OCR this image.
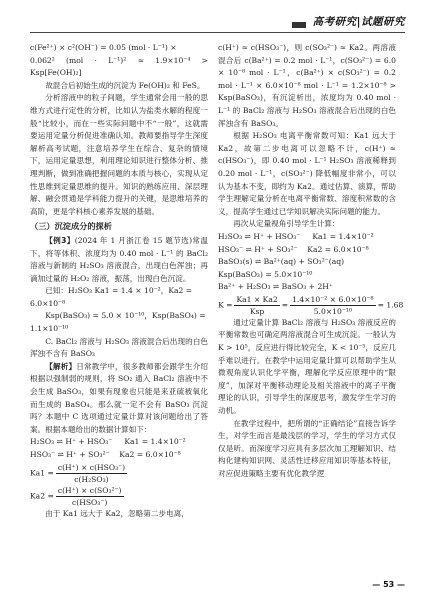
高考研究|试题研究

c(Fe²⁺) × c²(OH⁻) = 0.05 (mol · L⁻¹) ×

0.062² (mol · L⁻¹)² ≈ 1.9×10⁻⁴ > Ksp[Fe(OH)₂]

故混合后初始生成的沉淀为 Fe(OH)₂ 和 FeS。

分析溶液中的粒子间题，学生通常会用一般的思维方式进行定性的分析，比如认为盐类水解的程度一般“比较小，而在一些实际问题中不“一般”，这就需要运用定量分析促进准确认知。教师要指导学生深度解析高考试题，注意培养学生在综合、复杂的情境下，运用定量思想，利用理论知识进行整体分析、推理判断，做到准确把握问题的本质与核心，实现从定性思维到定量思维的提升。知识的熟练应用、深层理解、融会贯通是学科能力提升的关键，是思维培养的高阶，更是学科核心素养发展的基础。

（三）沉淀成分的探析

【例3】(2024 年 1 月浙江卷 15 题节选)常温下，将等体积、浓度均为 0.40 mol · L⁻¹ 的 BaCl₂ 溶液与新制的 H₂SO₃ 溶液混合，出现白色浑浊；再滴加过量的 H₂O₂ 溶液，振荡，出现白色沉淀。

已知：H₂SO₃ Ka1 = 1.4 × 10⁻²，Ka2 =

6.0×10⁻⁸

Ksp(BaSO₃) = 5.0 × 10⁻¹⁰，Ksp(BaSO₄) =

1.1×10⁻¹⁰

C. BaCl₂ 溶液与 H₂SO₃ 溶液混合后出现的白色浑浊不含有 BaSO₃

【解析】日常教学中，很多教师都会跟学生介绍根据以强制弱的规则，将 SO₂ 通入 BaCl₂ 溶液中不会生成 BaSO₃，如果有现象也只能是来亚硫被氧化而生成的 BaSO₄。那么就一定不会有 BaSO₃ 沉淀吗？本题中 C 选项通过定量计算对该问题给出了答案。根据本题给出的数据计算如下：

H₂SO₃ ⇌ H⁺ + HSO₃⁻     Ka1 = 1.4×10⁻²

HSO₃⁻ ⇌ H⁺ + SO₃²⁻    Ka2 = 6.0×10⁻⁸

$Ka1 = \frac{\text{c(H⁺) × c(HSO₃⁻)}}{\text{c(H₂SO₃)}}$

$Ka2 = \frac{\text{c(H⁺) × c(SO₃²⁻)}}{\text{c(HSO₃⁻)}}$

由于 Ka1 远大于 Ka2，忽略第二步电离，

c(H⁺) ≈ c(HSO₃⁻)，则 c(SO₃²⁻) ≈ Ka2。两溶液混合后 c(Ba²⁺) = 0.2 mol · L⁻¹，c(SO₃²⁻) = 6.0 × 10⁻⁸ mol · L⁻¹，c(Ba²⁺) × c(SO₃²⁻) = 0.2 mol · L⁻¹ × 6.0×10⁻⁸ mol · L⁻¹ = 1.2×10⁻⁸ > Ksp(BaSO₃)，有沉淀析出，浓度均为 0.40 mol · L⁻¹ 的 BaCl₂ 溶液与 H₂SO₃ 溶液混合后出现的白色浑浊含有 BaSO₃。

根据 H₂SO₃ 电离平衡常数可知：Ka1 远大于 Ka2，故第二步电离可以忽略不计，c(H⁺) ≈ c(HSO₃⁻)，即 0.40 mol · L⁻¹ H₂SO₃ 溶液稀释到 0.20 mol · L⁻¹，c(SO₃²⁻) 降低幅度非常小，可以认为基本不变，即约为 Ka2。通过估算、演算，帮助学生理解定量分析在电离平衡常数、溶度积常数的含义，提高学生通过已学知识解决实际问题的能力。

再次从定量视角引导学生计算：

H₂SO₃ ⇌ H⁺ + HSO₃⁻     Ka1 = 1.4×10⁻²

HSO₃⁻ ⇌ H⁺ + SO₃²⁻    Ka2 = 6.0×10⁻⁸

BaSO₃(s) ⇌ Ba²⁺(aq) + SO₃²⁻(aq)

Ksp(BaSO₃) = 5.0×10⁻¹⁰

Ba²⁺ + H₂SO₃ ⇌ BaSO₃ + 2H⁺

$K = \frac{Ka1 \times Ka2}{\text{Ksp}} = \frac{\text{1.4×10⁻² × 6.0×10⁻⁸}}{\text{5.0×10⁻¹⁰}} = 1.68$

通过定量计算 BaCl₂ 溶液与 H₂SO₃ 溶液反应的平衡常数也可确定两溶液混合可生成沉淀。一般认为 K > 10⁵，反应进行得比较完全，K < 10⁻⁵，反应几乎难以进行。在教学中运用定量计算可以帮助学生从微观角度认识化学平衡，理解化学反应原理中的“限度”，加深对平衡移动理论及相关溶液中的离子平衡理论的认识，引导学生的深度思考，激发学生学习的动机。

在教学过程中，把所谓的“正确结论”直接告诉学生，对学生而言是最浅层的学习，学生的学习方式仅仅是听。而深度学习应具有多层次加工理解知识、结构化建构知识网、灵活性迁移应用知识等基本特征，对应促进策略主要有优化教学逻

— 53 —
